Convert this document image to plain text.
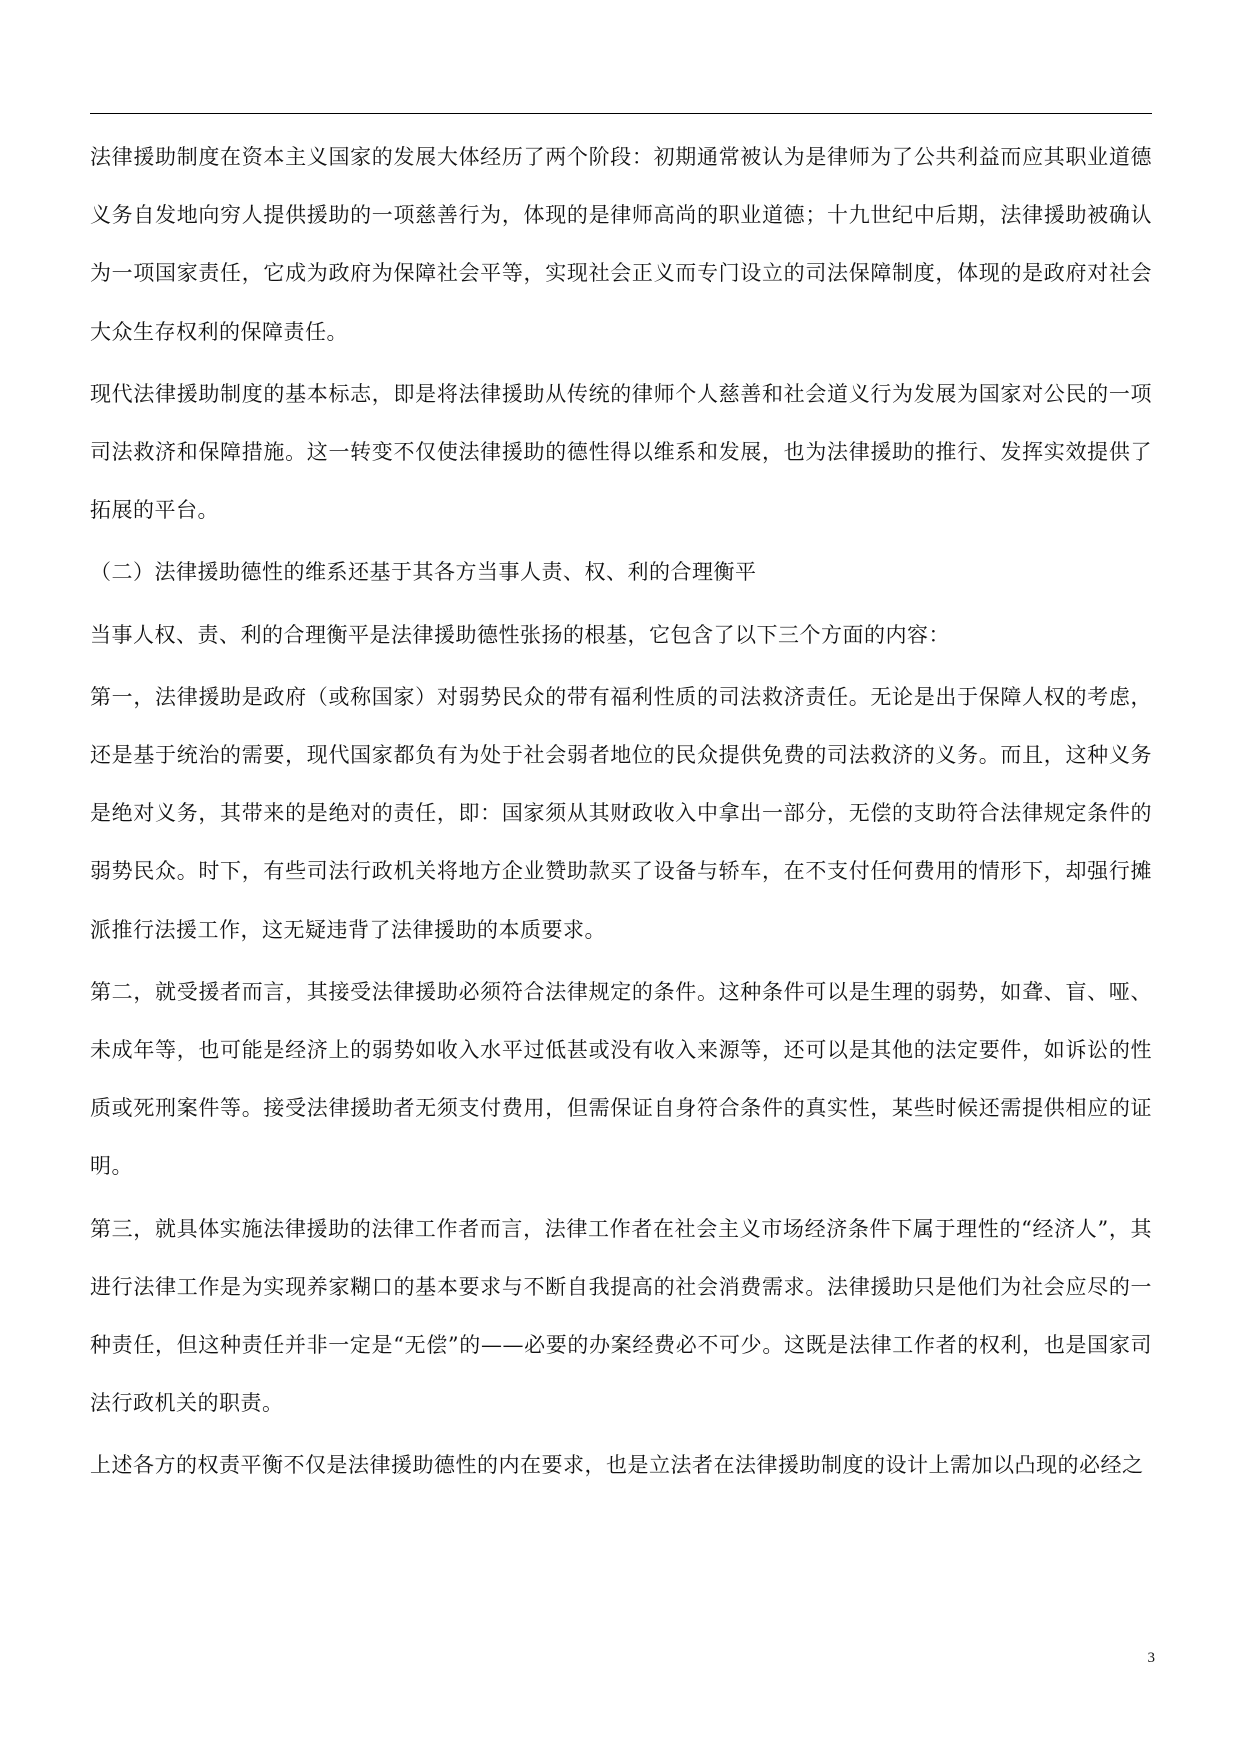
法律援助制度在资本主义国家的发展大体经历了两个阶段：初期通常被认为是律师为了公共利益而应其职业道德义务自发地向穷人提供援助的一项慈善行为，体现的是律师高尚的职业道德；十九世纪中后期，法律援助被确认为一项国家责任，它成为政府为保障社会平等，实现社会正义而专门设立的司法保障制度，体现的是政府对社会大众生存权利的保障责任。

现代法律援助制度的基本标志，即是将法律援助从传统的律师个人慈善和社会道义行为发展为国家对公民的一项司法救济和保障措施。这一转变不仅使法律援助的德性得以维系和发展，也为法律援助的推行、发挥实效提供了拓展的平台。

（二）法律援助德性的维系还基于其各方当事人责、权、利的合理衡平

当事人权、责、利的合理衡平是法律援助德性张扬的根基，它包含了以下三个方面的内容：

第一，法律援助是政府（或称国家）对弱势民众的带有福利性质的司法救济责任。无论是出于保障人权的考虑，还是基于统治的需要，现代国家都负有为处于社会弱者地位的民众提供免费的司法救济的义务。而且，这种义务是绝对义务，其带来的是绝对的责任，即：国家须从其财政收入中拿出一部分，无偿的支助符合法律规定条件的弱势民众。时下，有些司法行政机关将地方企业赞助款买了设备与轿车，在不支付任何费用的情形下，却强行摊派推行法援工作，这无疑违背了法律援助的本质要求。

第二，就受援者而言，其接受法律援助必须符合法律规定的条件。这种条件可以是生理的弱势，如聋、盲、哑、未成年等，也可能是经济上的弱势如收入水平过低甚或没有收入来源等，还可以是其他的法定要件，如诉讼的性质或死刑案件等。接受法律援助者无须支付费用，但需保证自身符合条件的真实性，某些时候还需提供相应的证明。

第三，就具体实施法律援助的法律工作者而言，法律工作者在社会主义市场经济条件下属于理性的“经济人”，其进行法律工作是为实现养家糊口的基本要求与不断自我提高的社会消费需求。法律援助只是他们为社会应尽的一种责任，但这种责任并非一定是“无偿”的——必要的办案经费必不可少。这既是法律工作者的权利，也是国家司法行政机关的职责。

上述各方的权责平衡不仅是法律援助德性的内在要求，也是立法者在法律援助制度的设计上需加以凸现的必经之

3
